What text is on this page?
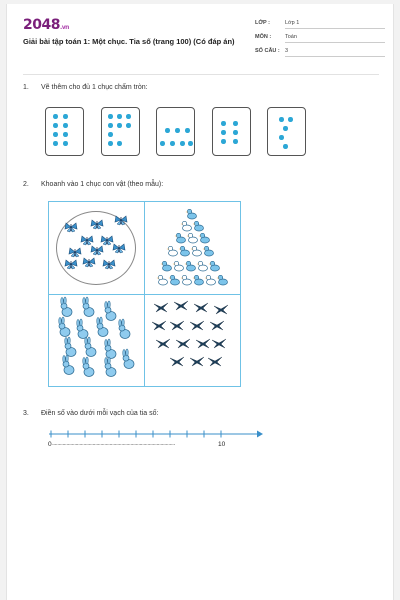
2048.vn
Giải bài tập toán 1: Một chục. Tia số (trang 100) (Có đáp án)
LỚP :	Lớp 1
MÔN :	Toán
SỐ CÂU : 3
1. Vẽ thêm cho đủ 1 chục chấm tròn:
2. Khoanh vào 1 chục con vật (theo mẫu):
3. Điền số vào dưới mỗi vạch của tia số:
0 ..............................................................................................	10
